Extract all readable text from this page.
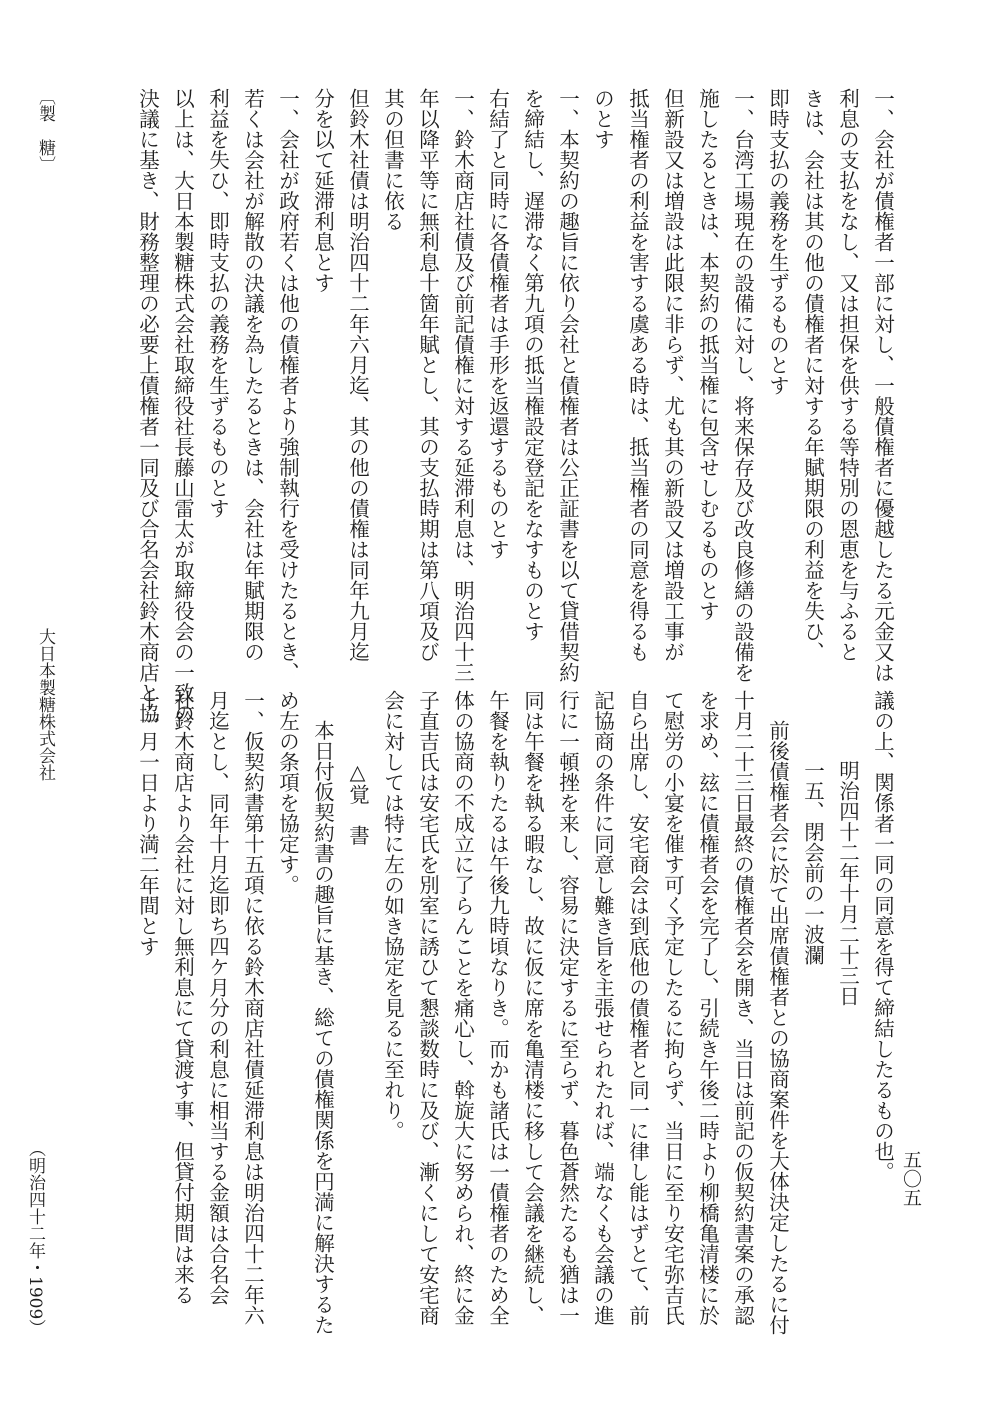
一、会社が債権者一部に対し、一般債権者に優越したる元金又は
利息の支払をなし、又は担保を供する等特別の恩恵を与ふると
きは、会社は其の他の債権者に対する年賦期限の利益を失ひ、
即時支払の義務を生ずるものとす
一、台湾工場現在の設備に対し、将来保存及び改良修繕の設備を
施したるときは、本契約の抵当権に包含せしむるものとす
但新設又は増設は此限に非らず、尤も其の新設又は増設工事が
抵当権者の利益を害する虞ある時は、抵当権者の同意を得るも
のとす
一、本契約の趣旨に依り会社と債権者は公正証書を以て貸借契約
を締結し、遅滞なく第九項の抵当権設定登記をなすものとす
右結了と同時に各債権者は手形を返還するものとす
一、鈴木商店社債及び前記債権に対する延滞利息は、明治四十三
年以降平等に無利息十箇年賦とし、其の支払時期は第八項及び
其の但書に依る
但鈴木社債は明治四十二年六月迄、其の他の債権は同年九月迄
分を以て延滞利息とす
一、会社が政府若くは他の債権者より強制執行を受けたるとき、
若くは会社が解散の決議を為したるときは、会社は年賦期限の
利益を失ひ、即時支払の義務を生ずるものとす
以上は、大日本製糖株式会社取締役社長藤山雷太が取締役会の一致の
決議に基き、財務整理の必要上債権者一同及び合名会社鈴木商店と協
議の上、関係者一同の同意を得て締結したるもの也。
明治四十二年十月二十三日
一五、閉会前の一波瀾
前後債権者会に於て出席債権者との協商案件を大体決定したるに付
十月二十三日最終の債権者会を開き、当日は前記の仮契約書案の承認
を求め、玆に債権者会を完了し、引続き午後二時より柳橋亀清楼に於
て慰労の小宴を催す可く予定したるに拘らず、当日に至り安宅弥吉氏
自ら出席し、安宅商会は到底他の債権者と同一に律し能はずとて、前
記協商の条件に同意し難き旨を主張せられたれば、端なくも会議の進
行に一頓挫を来し、容易に決定するに至らず、暮色蒼然たるも猶は一
同は午餐を執る暇なし、故に仮に席を亀清楼に移して会議を継続し、
午餐を執りたるは午後九時頃なりき。而かも諸氏は一債権者のため全
体の協商の不成立に了らんことを痛心し、斡旋大に努められ、終に金
子直吉氏は安宅氏を別室に誘ひて懇談数時に及び、漸くにして安宅商
会に対しては特に左の如き協定を見るに至れり。
△覚　書
本日付仮契約書の趣旨に基き、総ての債権関係を円満に解決するた
め左の条項を協定す。
一、仮契約書第十五項に依る鈴木商店社債延滞利息は明治四十二年六
月迄とし、同年十月迄即ち四ケ月分の利息に相当する金額は合名会
社鈴木商店より会社に対し無利息にて貸渡す事、但貸付期間は来る
十一月一日より満二年間とす
（明治四十二年・1909）
大日本製糖株式会社
〔製　糖〕
五〇五
